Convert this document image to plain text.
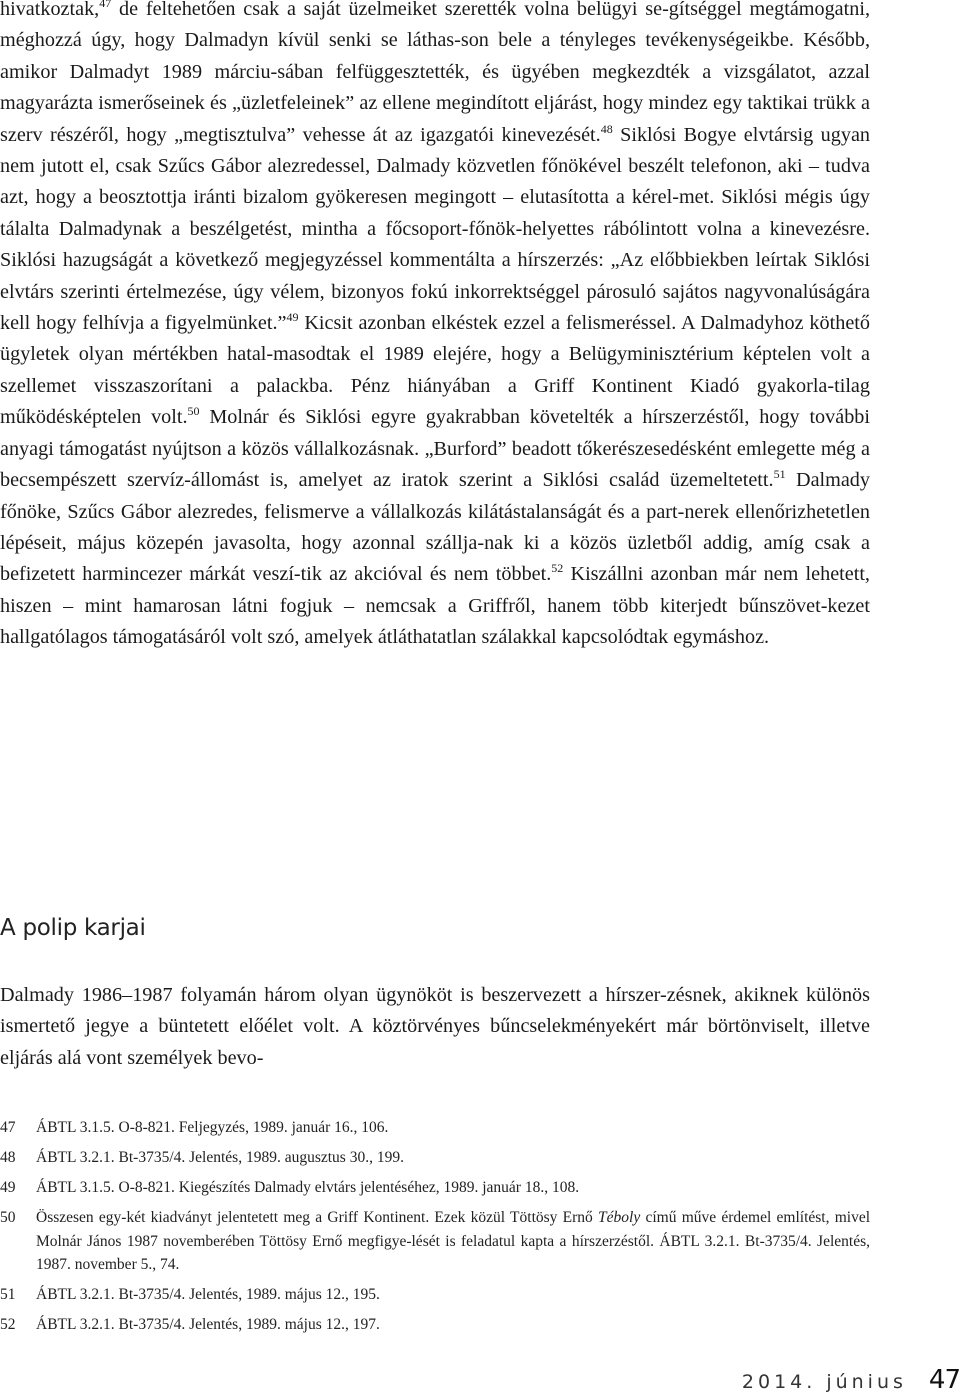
hivatkoztak,$^{47}$ de feltehetően csak a saját üzelmeiket szerették volna belügyi se-gítséggel megtámogatni, méghozzá úgy, hogy Dalmadyn kívül senki se láthas-son bele a tényleges tevékenységeikbe. Később, amikor Dalmadyt 1989 márciu-sában felfüggesztették, és ügyében megkezdték a vizsgálatot, azzal magyarázta ismerőseinek és „üzletfeleinek” az ellene megindított eljárást, hogy mindez egy taktikai trükk a szerv részéről, hogy „megtisztulva” vehesse át az igazgatói kinevezését.$^{48}$ Siklósi Bogye elvtársig ugyan nem jutott el, csak Szűcs Gábor alezredessel, Dalmady közvetlen főnökével beszélt telefonon, aki – tudva azt, hogy a beosztottja iránti bizalom gyökeresen megingott – elutasította a kérel-met. Siklósi mégis úgy tálalta Dalmadynak a beszélgetést, mintha a főcsoport-főnök-helyettes rábólintott volna a kinevezésre. Siklósi hazugságát a következő megjegyzéssel kommentálta a hírszerzés: „Az előbbiekben leírtak Siklósi elvtárs szerinti értelmezése, úgy vélem, bizonyos fokú inkorrektséggel párosuló sajátos nagyvonalúságára kell hogy felhívja a figyelmünket.”$^{49}$ Kicsit azonban elkéstek ezzel a felismeréssel. A Dalmadyhoz köthető ügyletek olyan mértékben hatal-masodtak el 1989 elejére, hogy a Belügyminisztérium képtelen volt a szellemet visszaszorítani a palackba. Pénz hiányában a Griff Kontinent Kiadó gyakorla-tilag működésképtelen volt.$^{50}$ Molnár és Siklósi egyre gyakrabban követelték a hírszerzéstől, hogy további anyagi támogatást nyújtson a közös vállalkozásnak. „Burford” beadott tőkerészesedésként emlegette még a becsempészett szervíz-állomást is, amelyet az iratok szerint a Siklósi család üzemeltetett.$^{51}$ Dalmady főnöke, Szűcs Gábor alezredes, felismerve a vállalkozás kilátástalanságát és a part-nerek ellenőrizhetetlen lépéseit, május közepén javasolta, hogy azonnal szállja-nak ki a közös üzletből addig, amíg csak a befizetett harmincezer márkát veszí-tik az akcióval és nem többet.$^{52}$ Kiszállni azonban már nem lehetett, hiszen – mint hamarosan látni fogjuk – nemcsak a Griffről, hanem több kiterjedt bűnszövet-kezet hallgatólagos támogatásáról volt szó, amelyek átláthatatlan szálakkal kapcsolódtak egymáshoz.

A polip karjai

Dalmady 1986–1987 folyamán három olyan ügynököt is beszervezett a hírszer-zésnek, akiknek különös ismertető jegye a büntetett előélet volt. A köztörvényes bűncselekményekért már börtönviselt, illetve eljárás alá vont személyek bevo-

47	ÁBTL 3.1.5. O-8-821. Feljegyzés, 1989. január 16., 106.
48	ÁBTL 3.2.1. Bt-3735/4. Jelentés, 1989. augusztus 30., 199.
49	ÁBTL 3.1.5. O-8-821. Kiegészítés Dalmady elvtárs jelentéséhez, 1989. január 18., 108.
50	Összesen egy-két kiadványt jelentetett meg a Griff Kontinent. Ezek közül Töttösy Ernő Téboly című műve érdemel említést, mivel Molnár János 1987 novemberében Töttösy Ernő megfigye-lését is feladatul kapta a hírszerzéstől. ÁBTL 3.2.1. Bt-3735/4. Jelentés, 1987. november 5., 74.
51	ÁBTL 3.2.1. Bt-3735/4. Jelentés, 1989. május 12., 195.
52	ÁBTL 3.2.1. Bt-3735/4. Jelentés, 1989. május 12., 197.
2014. június 47
